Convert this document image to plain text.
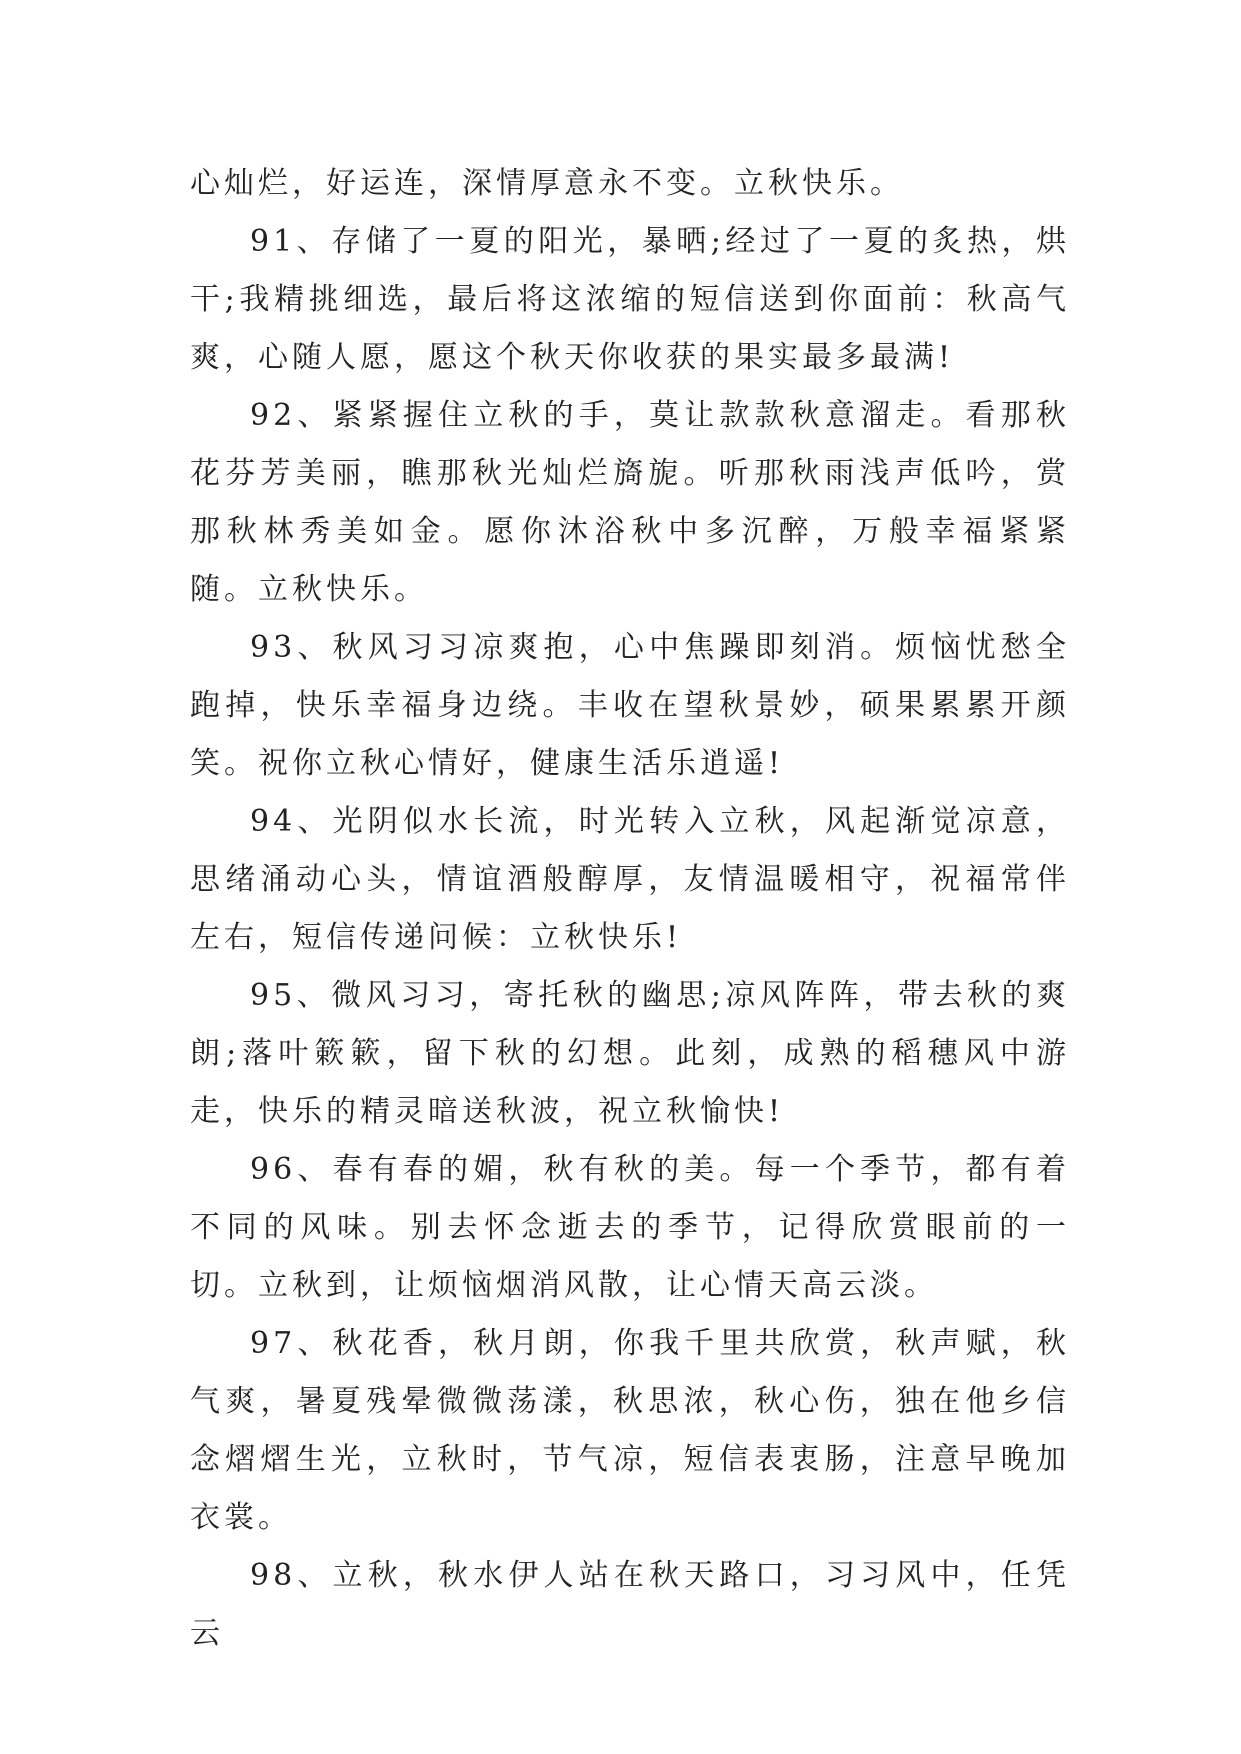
心灿烂，好运连，深情厚意永不变。立秋快乐。

91、存储了一夏的阳光，暴晒;经过了一夏的炙热，烘干;我精挑细选，最后将这浓缩的短信送到你面前：秋高气爽，心随人愿，愿这个秋天你收获的果实最多最满!

92、紧紧握住立秋的手，莫让款款秋意溜走。看那秋花芬芳美丽，瞧那秋光灿烂旖旎。听那秋雨浅声低吟，赏那秋林秀美如金。愿你沐浴秋中多沉醉，万般幸福紧紧随。立秋快乐。

93、秋风习习凉爽抱，心中焦躁即刻消。烦恼忧愁全跑掉，快乐幸福身边绕。丰收在望秋景妙，硕果累累开颜笑。祝你立秋心情好，健康生活乐逍遥!

94、光阴似水长流，时光转入立秋，风起渐觉凉意，思绪涌动心头，情谊酒般醇厚，友情温暖相守，祝福常伴左右，短信传递问候：立秋快乐!

95、微风习习，寄托秋的幽思;凉风阵阵，带去秋的爽朗;落叶簌簌，留下秋的幻想。此刻，成熟的稻穗风中游走，快乐的精灵暗送秋波，祝立秋愉快!

96、春有春的媚，秋有秋的美。每一个季节，都有着不同的风味。别去怀念逝去的季节，记得欣赏眼前的一切。立秋到，让烦恼烟消风散，让心情天高云淡。

97、秋花香，秋月朗，你我千里共欣赏，秋声赋，秋气爽，暑夏残晕微微荡漾，秋思浓，秋心伤，独在他乡信念熠熠生光，立秋时，节气凉，短信表衷肠，注意早晚加衣裳。

98、立秋，秋水伊人站在秋天路口，习习风中，任凭云
